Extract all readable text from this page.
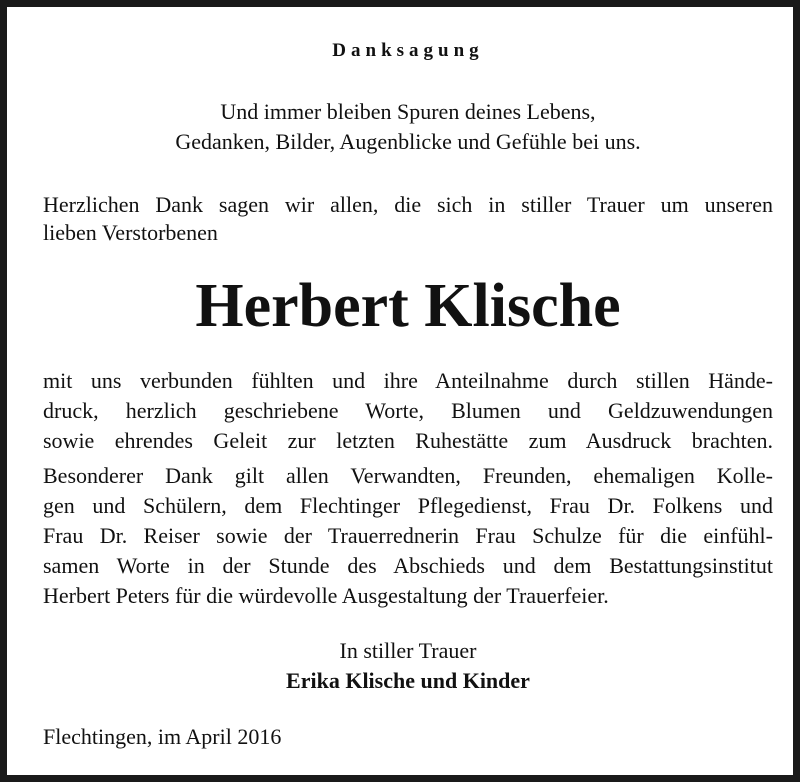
Danksagung
Und immer bleiben Spuren deines Lebens,
Gedanken, Bilder, Augenblicke und Gefühle bei uns.
Herzlichen Dank sagen wir allen, die sich in stiller Trauer um unseren
lieben Verstorbenen
Herbert Klische
mit uns verbunden fühlten und ihre Anteilnahme durch stillen Hände-
druck, herzlich geschriebene Worte, Blumen und Geldzuwendungen
sowie ehrendes Geleit zur letzten Ruhestätte zum Ausdruck brachten.
Besonderer Dank gilt allen Verwandten, Freunden, ehemaligen Kolle-
gen und Schülern, dem Flechtinger Pflegedienst, Frau Dr. Folkens und
Frau Dr. Reiser sowie der Trauerrednerin Frau Schulze für die einfühl-
samen Worte in der Stunde des Abschieds und dem Bestattungsinstitut
Herbert Peters für die würdevolle Ausgestaltung der Trauerfeier.
In stiller Trauer
Erika Klische und Kinder
Flechtingen, im April 2016
